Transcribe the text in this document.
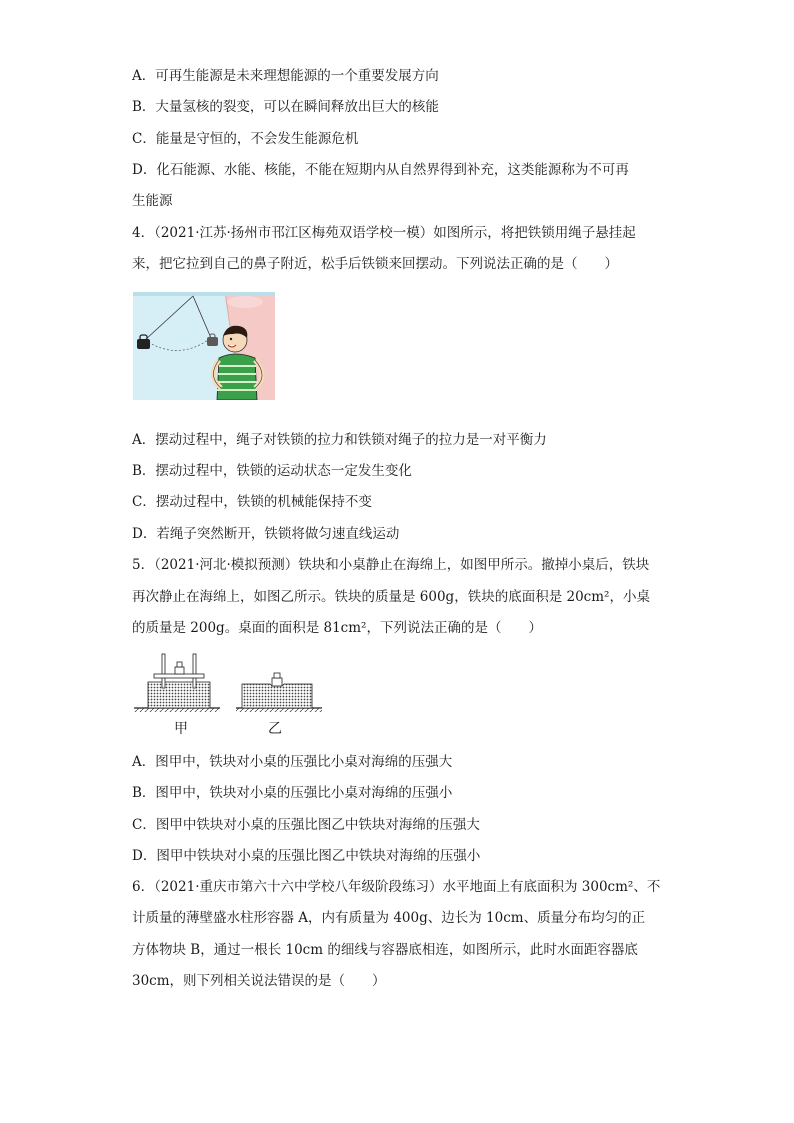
A．可再生能源是未来理想能源的一个重要发展方向
B．大量氢核的裂变，可以在瞬间释放出巨大的核能
C．能量是守恒的，不会发生能源危机
D．化石能源、水能、核能，不能在短期内从自然界得到补充，这类能源称为不可再
生能源
4．（2021·江苏·扬州市邗江区梅苑双语学校一模）如图所示，将把铁锁用绳子悬挂起
来，把它拉到自己的鼻子附近，松手后铁锁来回摆动。下列说法正确的是（　　）
A．摆动过程中，绳子对铁锁的拉力和铁锁对绳子的拉力是一对平衡力
B．摆动过程中，铁锁的运动状态一定发生变化
C．摆动过程中，铁锁的机械能保持不变
D．若绳子突然断开，铁锁将做匀速直线运动
5．（2021·河北·模拟预测）铁块和小桌静止在海绵上，如图甲所示。撤掉小桌后，铁块
再次静止在海绵上，如图乙所示。铁块的质量是 600g，铁块的底面积是 20cm²，小桌
的质量是 200g。桌面的面积是 81cm²，下列说法正确的是（　　）
甲	乙
A．图甲中，铁块对小桌的压强比小桌对海绵的压强大
B．图甲中，铁块对小桌的压强比小桌对海绵的压强小
C．图甲中铁块对小桌的压强比图乙中铁块对海绵的压强大
D．图甲中铁块对小桌的压强比图乙中铁块对海绵的压强小
6．（2021·重庆市第六十六中学校八年级阶段练习）水平地面上有底面积为 300cm²、不
计质量的薄壁盛水柱形容器 A，内有质量为 400g、边长为 10cm、质量分布均匀的正
方体物块 B，通过一根长 10cm 的细线与容器底相连，如图所示，此时水面距容器底
30cm，则下列相关说法错误的是（　　）
